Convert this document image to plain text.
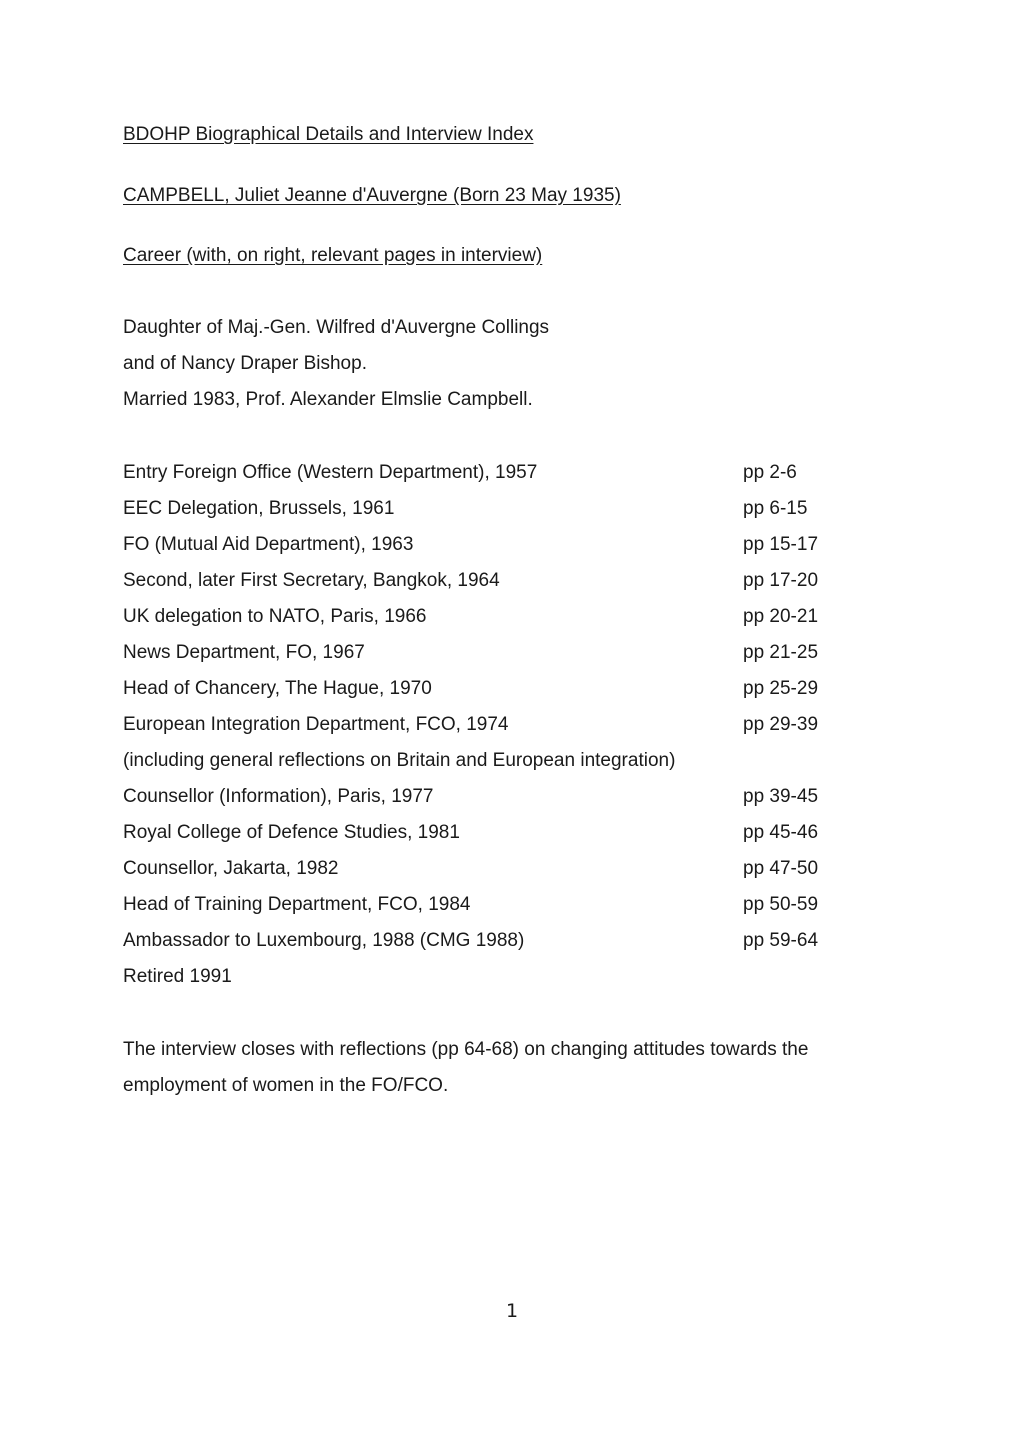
BDOHP Biographical Details and Interview Index
CAMPBELL, Juliet Jeanne d'Auvergne (Born 23 May 1935)
Career (with, on right, relevant pages in interview)
Daughter of Maj.-Gen. Wilfred d'Auvergne Collings
and of Nancy Draper Bishop.
Married 1983, Prof. Alexander Elmslie Campbell.
Entry Foreign Office (Western Department), 1957	pp 2-6
EEC Delegation, Brussels, 1961	pp 6-15
FO (Mutual Aid Department), 1963	pp 15-17
Second, later First Secretary, Bangkok, 1964	pp 17-20
UK delegation to NATO, Paris, 1966	pp 20-21
News Department, FO, 1967	pp 21-25
Head of Chancery, The Hague, 1970	pp 25-29
European Integration Department, FCO, 1974	pp 29-39
(including general reflections on Britain and European integration)
Counsellor (Information), Paris, 1977	pp 39-45
Royal College of Defence Studies, 1981	pp 45-46
Counsellor, Jakarta, 1982	pp 47-50
Head of Training Department, FCO, 1984	pp 50-59
Ambassador to Luxembourg, 1988 (CMG 1988)	pp 59-64
Retired 1991
The interview closes with reflections (pp 64-68) on changing attitudes towards the
employment of women in the FO/FCO.
1
